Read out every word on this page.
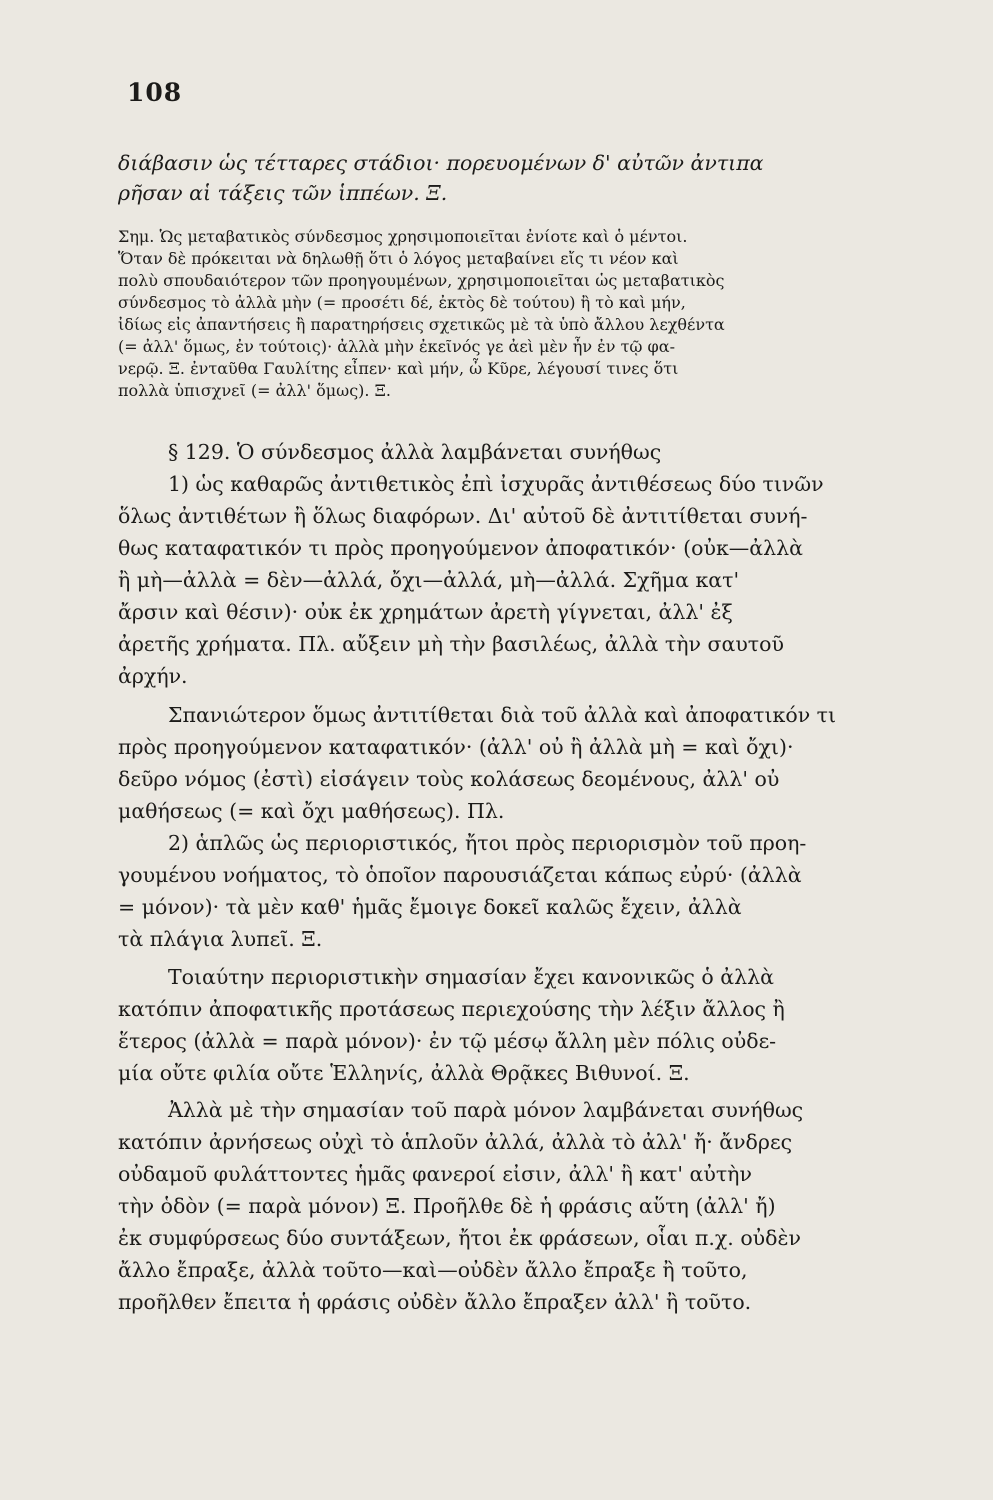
108
διάβασιν ὡς τέτταρες στάδιοι· πορευομένων δ' αὐτῶν ἀντιπα
ρῆσαν αἱ τάξεις τῶν ἱππέων. Ξ.
Σημ. Ὡς μεταβατικὸς σύνδεσμος χρησιμοποιεῖται ἐνίοτε καὶ ὁ μέντοι.
Ὅταν δὲ πρόκειται νὰ δηλωθῇ ὅτι ὁ λόγος μεταβαίνει εἴς τι νέον καὶ
πολὺ σπουδαιότερον τῶν προηγουμένων, χρησιμοποιεῖται ὡς μεταβατικὸς
σύνδεσμος τὸ ἀλλὰ μὴν (= προσέτι δέ, ἐκτὸς δὲ τούτου) ἢ τὸ καὶ μήν,
ἰδίως εἰς ἀπαντήσεις ἢ παρατηρήσεις σχετικῶς μὲ τὰ ὑπὸ ἄλλου λεχθέντα
(= ἀλλ' ὅμως, ἐν τούτοις)· ἀλλὰ μὴν ἐκεῖνός γε ἀεὶ μὲν ἦν ἐν τῷ φα-
νερῷ. Ξ. ἐνταῦθα Γαυλίτης εἶπεν· καὶ μήν, ὦ Κῦρε, λέγουσί τινες ὅτι
πολλὰ ὑπισχνεῖ (= ἀλλ' ὅμως). Ξ.
§ 129. Ὁ σύνδεσμος ἀλλὰ λαμβάνεται συνήθως
1) ὡς καθαρῶς ἀντιθετικὸς ἐπὶ ἰσχυρᾶς ἀντιθέσεως δύο τινῶν
ὅλως ἀντιθέτων ἢ ὅλως διαφόρων. Δι' αὐτοῦ δὲ ἀντιτίθεται συνή-
θως καταφατικόν τι πρὸς προηγούμενον ἀποφατικόν· (οὐκ—ἀλλὰ
ἢ μὴ—ἀλλὰ = δὲν—ἀλλά, ὄχι—ἀλλά, μὴ—ἀλλά. Σχῆμα κατ'
ἄρσιν καὶ θέσιν)· οὐκ ἐκ χρημάτων ἀρετὴ γίγνεται, ἀλλ' ἐξ
ἀρετῆς χρήματα. Πλ. αὔξειν μὴ τὴν βασιλέως, ἀλλὰ τὴν σαυτοῦ
ἀρχήν.
Σπανιώτερον ὅμως ἀντιτίθεται διὰ τοῦ ἀλλὰ καὶ ἀποφατικόν τι
πρὸς προηγούμενον καταφατικόν· (ἀλλ' οὐ ἢ ἀλλὰ μὴ = καὶ ὄχι)·
δεῦρο νόμος (ἐστὶ) εἰσάγειν τοὺς κολάσεως δεομένους, ἀλλ' οὐ
μαθήσεως (= καὶ ὄχι μαθήσεως). Πλ.
2) ἁπλῶς ὡς περιοριστικός, ἤτοι πρὸς περιορισμὸν τοῦ προη-
γουμένου νοήματος, τὸ ὁποῖον παρουσιάζεται κάπως εὐρύ· (ἀλλὰ
= μόνον)· τὰ μὲν καθ' ἡμᾶς ἔμοιγε δοκεῖ καλῶς ἔχειν, ἀλλὰ
τὰ πλάγια λυπεῖ. Ξ.
Τοιαύτην περιοριστικὴν σημασίαν ἔχει κανονικῶς ὁ ἀλλὰ
κατόπιν ἀποφατικῆς προτάσεως περιεχούσης τὴν λέξιν ἄλλος ἢ
ἕτερος (ἀλλὰ = παρὰ μόνον)· ἐν τῷ μέσῳ ἄλλη μὲν πόλις οὐδε-
μία οὔτε φιλία οὔτε Ἑλληνίς, ἀλλὰ Θρᾷκες Βιθυνοί. Ξ.
Ἀλλὰ μὲ τὴν σημασίαν τοῦ παρὰ μόνον λαμβάνεται συνήθως
κατόπιν ἀρνήσεως οὐχὶ τὸ ἁπλοῦν ἀλλά, ἀλλὰ τὸ ἀλλ' ἤ· ἄνδρες
οὐδαμοῦ φυλάττοντες ἡμᾶς φανεροί εἰσιν, ἀλλ' ἢ κατ' αὐτὴν
τὴν ὁδὸν (= παρὰ μόνον) Ξ. Προῆλθε δὲ ἡ φράσις αὕτη (ἀλλ' ἤ)
ἐκ συμφύρσεως δύο συντάξεων, ἤτοι ἐκ φράσεων, οἷαι π.χ. οὐδὲν
ἄλλο ἔπραξε, ἀλλὰ τοῦτο—καὶ—οὐδὲν ἄλλο ἔπραξε ἢ τοῦτο,
προῆλθεν ἔπειτα ἡ φράσις οὐδὲν ἄλλο ἔπραξεν ἀλλ' ἢ τοῦτο.
